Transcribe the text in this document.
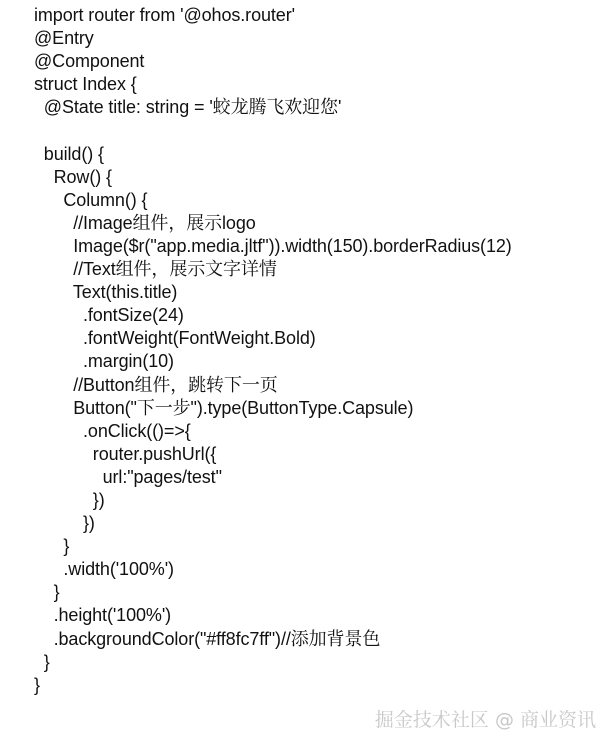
import router from '@ohos.router'
@Entry
@Component
struct Index {
@State title: string = '蛟龙腾飞欢迎您'
build() {
Row() {
Column() {
//Image组件，展示logo
Image($r("app.media.jltf")).width(150).borderRadius(12)
//Text组件，展示文字详情
Text(this.title)
.fontSize(24)
.fontWeight(FontWeight.Bold)
.margin(10)
//Button组件，跳转下一页
Button("下一步").type(ButtonType.Capsule)
.onClick(()=>{
router.pushUrl({
url:"pages/test"
})
})
}
.width('100%')
}
.height('100%')
.backgroundColor("#ff8fc7ff")//添加背景色
}
}
掘金技术社区 @ 商业资讯
